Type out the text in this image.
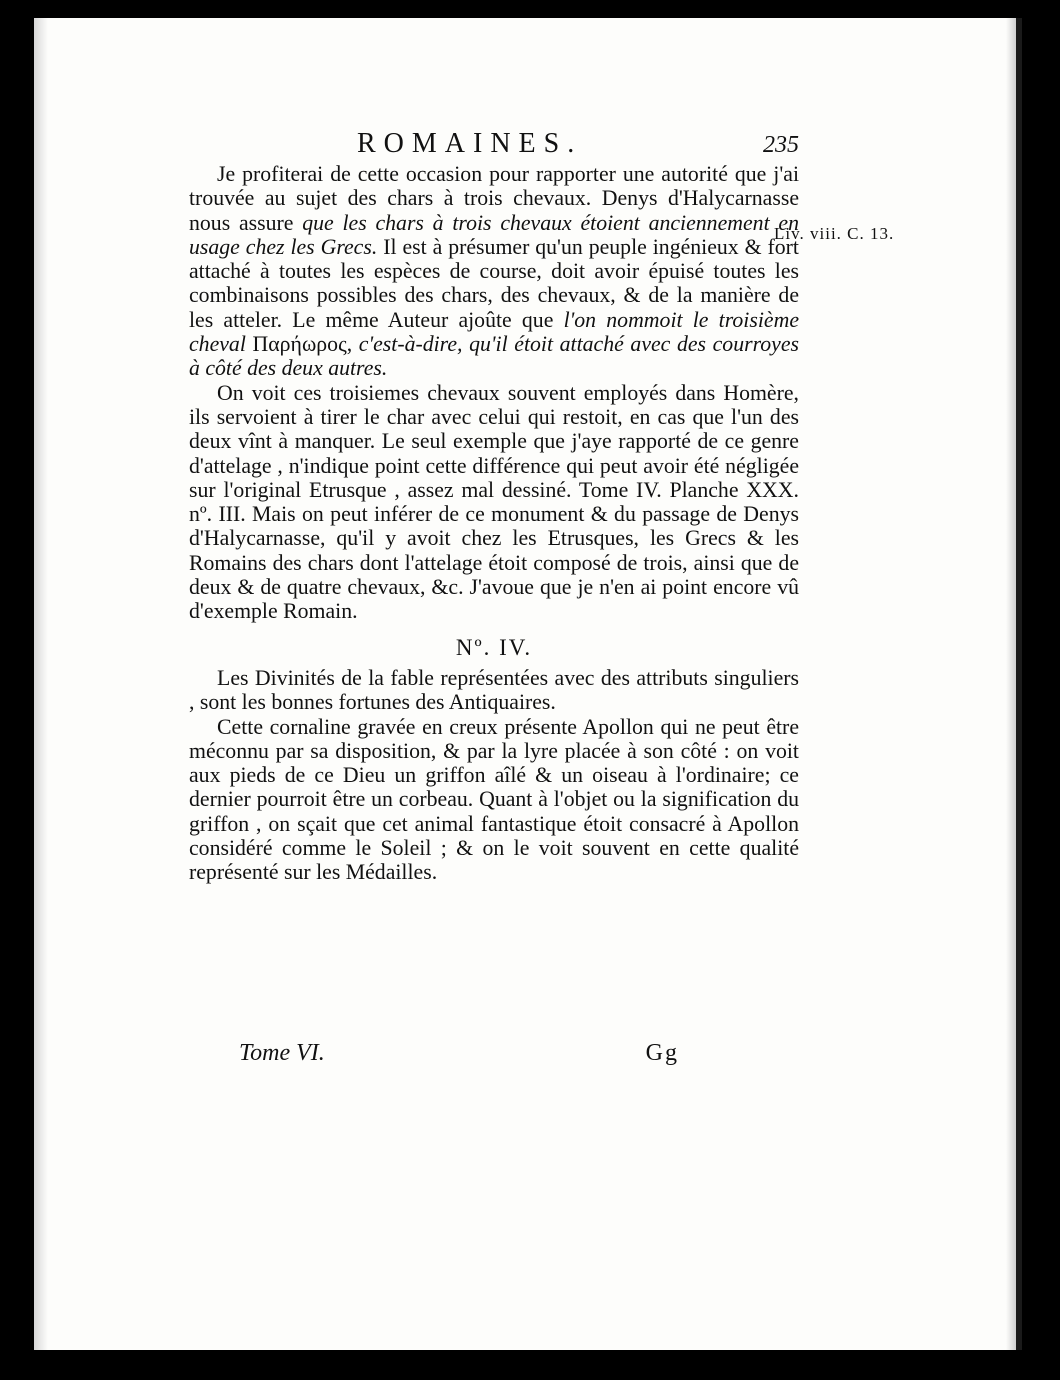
ROMAINES.	235
Liv. viii. C. 13.

Je profiterai de cette occasion pour rapporter une autorité que j'ai trouvée au sujet des chars à trois chevaux. Denys d'Halycarnasse nous assure que les chars à trois chevaux étoient anciennement en usage chez les Grecs. Il est à présumer qu'un peuple ingénieux & fort attaché à toutes les espèces de course, doit avoir épuisé toutes les combinaisons possibles des chars, des chevaux, & de la manière de les atteler. Le même Auteur ajoûte que l'on nommoit le troisième cheval Παρήωρος, c'est-à-dire, qu'il étoit attaché avec des courroyes à côté des deux autres.

On voit ces troisiemes chevaux souvent employés dans Homère, ils servoient à tirer le char avec celui qui restoit, en cas que l'un des deux vînt à manquer. Le seul exemple que j'aye rapporté de ce genre d'attelage , n'indique point cette différence qui peut avoir été négligée sur l'original Etrusque , assez mal dessiné. Tome IV. Planche XXX. nº. III. Mais on peut inférer de ce monument & du passage de Denys d'Halycarnasse, qu'il y avoit chez les Etrusques, les Grecs & les Romains des chars dont l'attelage étoit composé de trois, ainsi que de deux & de quatre chevaux, &c. J'avoue que je n'en ai point encore vû d'exemple Romain.

Nº. IV.

Les Divinités de la fable représentées avec des attributs singuliers , sont les bonnes fortunes des Antiquaires.

Cette cornaline gravée en creux présente Apollon qui ne peut être méconnu par sa disposition, & par la lyre placée à son côté : on voit aux pieds de ce Dieu un griffon aîlé & un oiseau à l'ordinaire; ce dernier pourroit être un corbeau. Quant à l'objet ou la signification du griffon , on sçait que cet animal fantastique étoit consacré à Apollon considéré comme le Soleil ; & on le voit souvent en cette qualité représenté sur les Médailles.

Tome VI.	Gg
